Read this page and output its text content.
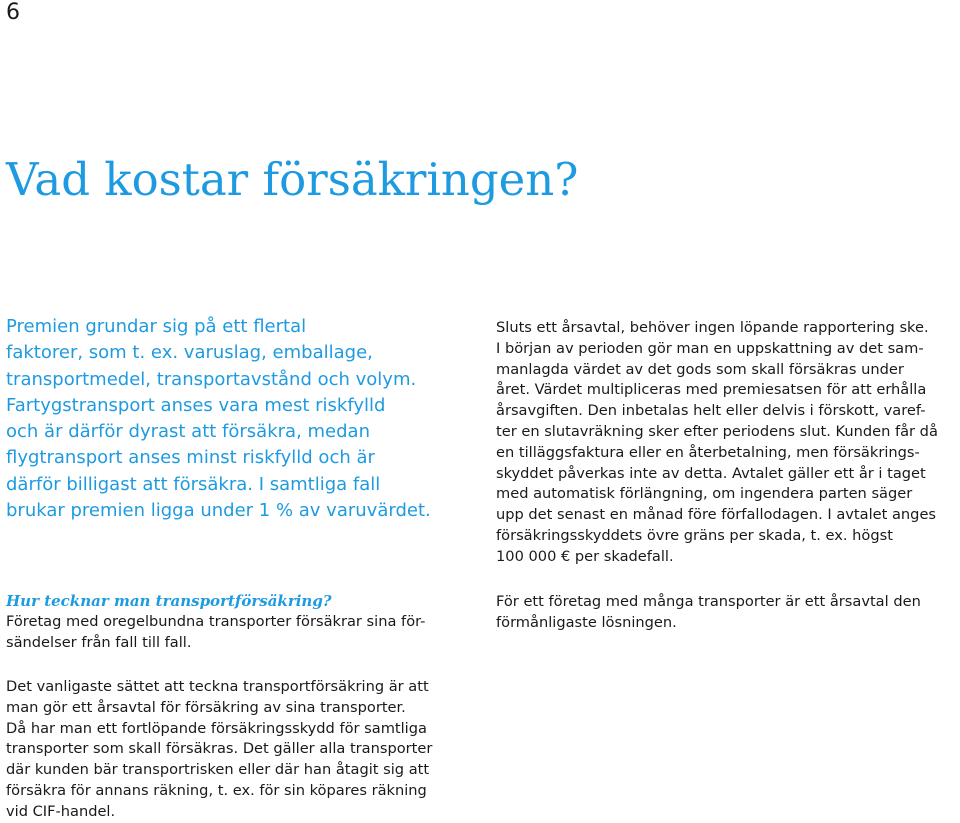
6
Vad kostar försäkringen?
Premien grundar sig på ett flertal
faktorer, som t. ex. varuslag, emballage,
transportmedel, transportavstånd och volym.
Fartygstransport anses vara mest riskfylld
och är därför dyrast att försäkra, medan
flygtransport anses minst riskfylld och är
därför billigast att försäkra. I samtliga fall
brukar premien ligga under 1 % av varuvärdet.
Hur tecknar man transportförsäkring?
Företag med oregelbundna transporter försäkrar sina för-
sändelser från fall till fall.
Det vanligaste sättet att teckna transportförsäkring är att
man gör ett årsavtal för försäkring av sina transporter.
Då har man ett fortlöpande försäkringsskydd för samtliga
transporter som skall försäkras. Det gäller alla transporter
där kunden bär transportrisken eller där han åtagit sig att
försäkra för annans räkning, t. ex. för sin köpares räkning
vid CIF-handel.
Sluts ett årsavtal, behöver ingen löpande rapportering ske.
I början av perioden gör man en uppskattning av det sam-
manlagda värdet av det gods som skall försäkras under
året. Värdet multipliceras med premiesatsen för att erhålla
årsavgiften. Den inbetalas helt eller delvis i förskott, varef-
ter en slutavräkning sker efter periodens slut. Kunden får då
en tilläggsfaktura eller en återbetalning, men försäkrings-
skyddet påverkas inte av detta. Avtalet gäller ett år i taget
med automatisk förlängning, om ingendera parten säger
upp det senast en månad före förfallodagen. I avtalet anges
försäkringsskyddets övre gräns per skada, t. ex. högst
100 000 € per skadefall.
För ett företag med många transporter är ett årsavtal den
förmånligaste lösningen.
